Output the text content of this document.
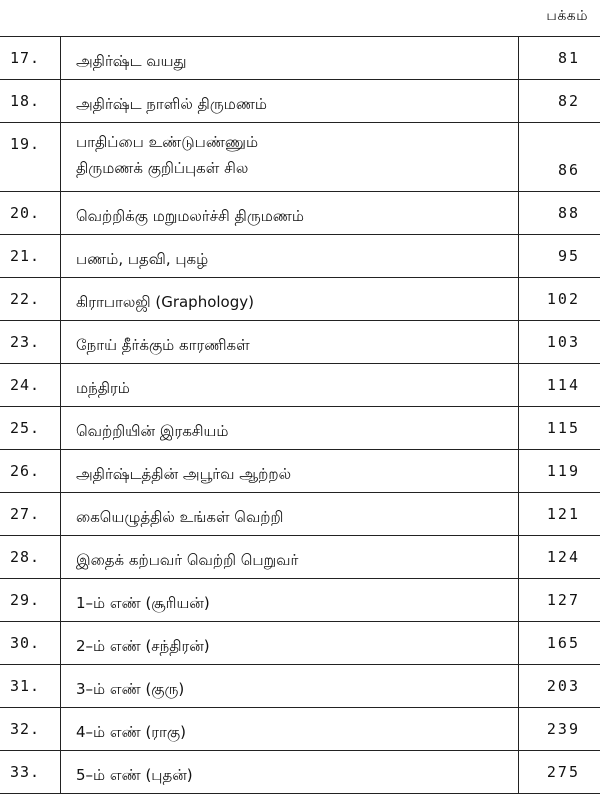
பக்கம்
17. அதிர்ஷ்ட வயது	81
18. அதிர்ஷ்ட நாளில் திருமணம்	82
19. பாதிப்பை உண்டுபண்ணும்
திருமணக் குறிப்புகள் சில	86
20. வெற்றிக்கு மறுமலர்ச்சி திருமணம்	88
21. பணம், பதவி, புகழ்	95
22. கிராபாலஜி (Graphology)	102
23. நோய் தீர்க்கும் காரணிகள்	103
24. மந்திரம்	114
25. வெற்றியின் இரகசியம்	115
26. அதிர்ஷ்டத்தின் அபூர்வ ஆற்றல்	119
27. கையெழுத்தில் உங்கள் வெற்றி	121
28. இதைக் கற்பவர் வெற்றி பெறுவர்	124
29. 1–ம் எண் (சூரியன்)	127
30. 2–ம் எண் (சந்திரன்)	165
31. 3–ம் எண் (குரு)	203
32. 4–ம் எண் (ராகு)	239
33. 5–ம் எண் (புதன்)	275
